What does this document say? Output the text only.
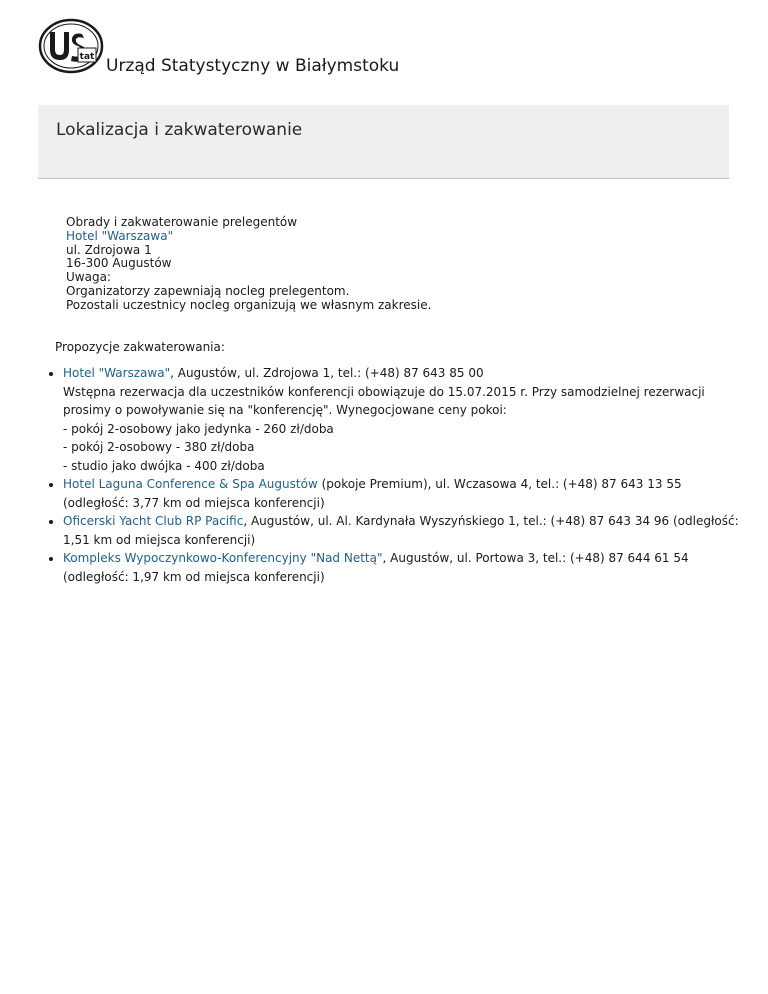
tat Urząd Statystyczny w Białymstoku
Lokalizacja i zakwaterowanie
Obrady i zakwaterowanie prelegentów
Hotel "Warszawa"
ul. Zdrojowa 1
16-300 Augustów
Uwaga:
Organizatorzy zapewniają nocleg prelegentom.
Pozostali uczestnicy nocleg organizują we własnym zakresie.
Propozycje zakwaterowania:
• Hotel "Warszawa", Augustów, ul. Zdrojowa 1, tel.: (+48) 87 643 85 00
Wstępna rezerwacja dla uczestników konferencji obowiązuje do 15.07.2015 r. Przy samodzielnej rezerwacji
prosimy o powoływanie się na "konferencję". Wynegocjowane ceny pokoi:
- pokój 2-osobowy jako jedynka - 260 zł/doba
- pokój 2-osobowy - 380 zł/doba
- studio jako dwójka - 400 zł/doba
• Hotel Laguna Conference & Spa Augustów (pokoje Premium), ul. Wczasowa 4, tel.: (+48) 87 643 13 55
(odległość: 3,77 km od miejsca konferencji)
• Oficerski Yacht Club RP Pacific, Augustów, ul. Al. Kardynała Wyszyńskiego 1, tel.: (+48) 87 643 34 96 (odległość:
1,51 km od miejsca konferencji)
• Kompleks Wypoczynkowo-Konferencyjny "Nad Nettą", Augustów, ul. Portowa 3, tel.: (+48) 87 644 61 54
(odległość: 1,97 km od miejsca konferencji)
